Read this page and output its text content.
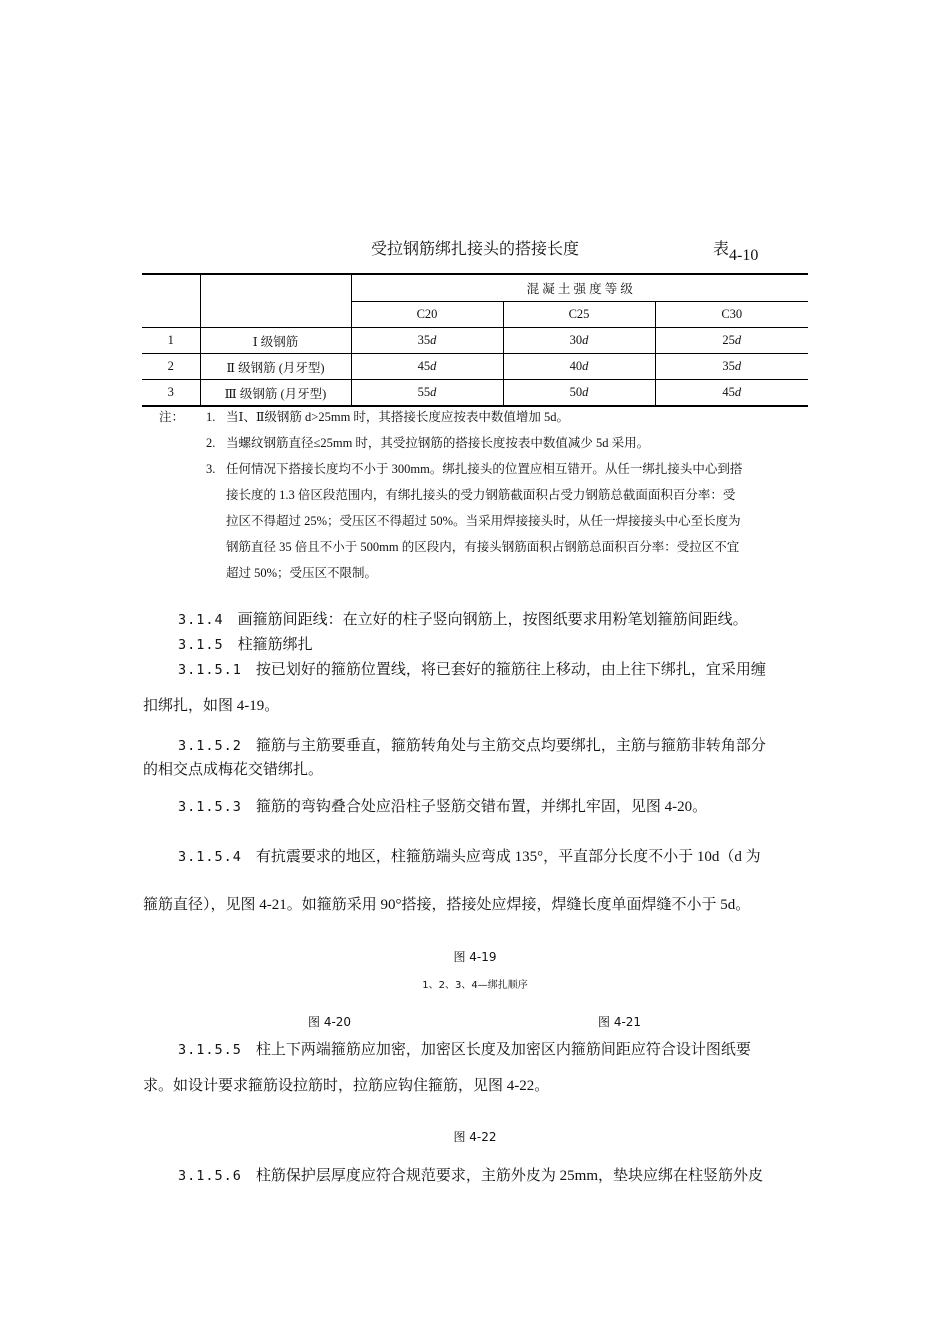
受拉钢筋绑扎接头的搭接长度	表4-10
		混 凝 土 强 度 等 级		
		C20	C25	C30
1	Ⅰ 级钢筋	35d	30d	25d
2	Ⅱ 级钢筋 (月牙型)	45d	40d	35d
3	Ⅲ 级钢筋 (月牙型)	55d	50d	45d
注： 1. 当Ⅰ、Ⅱ级钢筋 d>25mm 时，其搭接长度应按表中数值增加 5d。
2. 当螺纹钢筋直径≤25mm 时，其受拉钢筋的搭接长度按表中数值减少 5d 采用。
3. 任何情况下搭接长度均不小于 300mm。绑扎接头的位置应相互错开。从任一绑扎接头中心到搭
接长度的 1.3 倍区段范围内，有绑扎接头的受力钢筋截面积占受力钢筋总截面面积百分率：受
拉区不得超过 25%；受压区不得超过 50%。当采用焊接接头时，从任一焊接接头中心至长度为
钢筋直径 35 倍且不小于 500mm 的区段内，有接头钢筋面积占钢筋总面积百分率：受拉区不宜
超过 50%；受压区不限制。
3.1.4 画箍筋间距线：在立好的柱子竖向钢筋上，按图纸要求用粉笔划箍筋间距线。
3.1.5 柱箍筋绑扎
3.1.5.1 按已划好的箍筋位置线，将已套好的箍筋往上移动，由上往下绑扎，宜采用缠
扣绑扎，如图 4-19。
3.1.5.2 箍筋与主筋要垂直，箍筋转角处与主筋交点均要绑扎，主筋与箍筋非转角部分
的相交点成梅花交错绑扎。
3.1.5.3 箍筋的弯钩叠合处应沿柱子竖筋交错布置，并绑扎牢固，见图 4-20。
3.1.5.4 有抗震要求的地区，柱箍筋端头应弯成 135°，平直部分长度不小于 10d（d 为
箍筋直径），见图 4-21。如箍筋采用 90°搭接，搭接处应焊接，焊缝长度单面焊缝不小于 5d。
图 4-19
1、2、3、4—绑扎顺序
图 4-20	图 4-21
3.1.5.5 柱上下两端箍筋应加密，加密区长度及加密区内箍筋间距应符合设计图纸要
求。如设计要求箍筋设拉筋时，拉筋应钩住箍筋，见图 4-22。
图 4-22
3.1.5.6 柱筋保护层厚度应符合规范要求，主筋外皮为 25mm，垫块应绑在柱竖筋外皮
